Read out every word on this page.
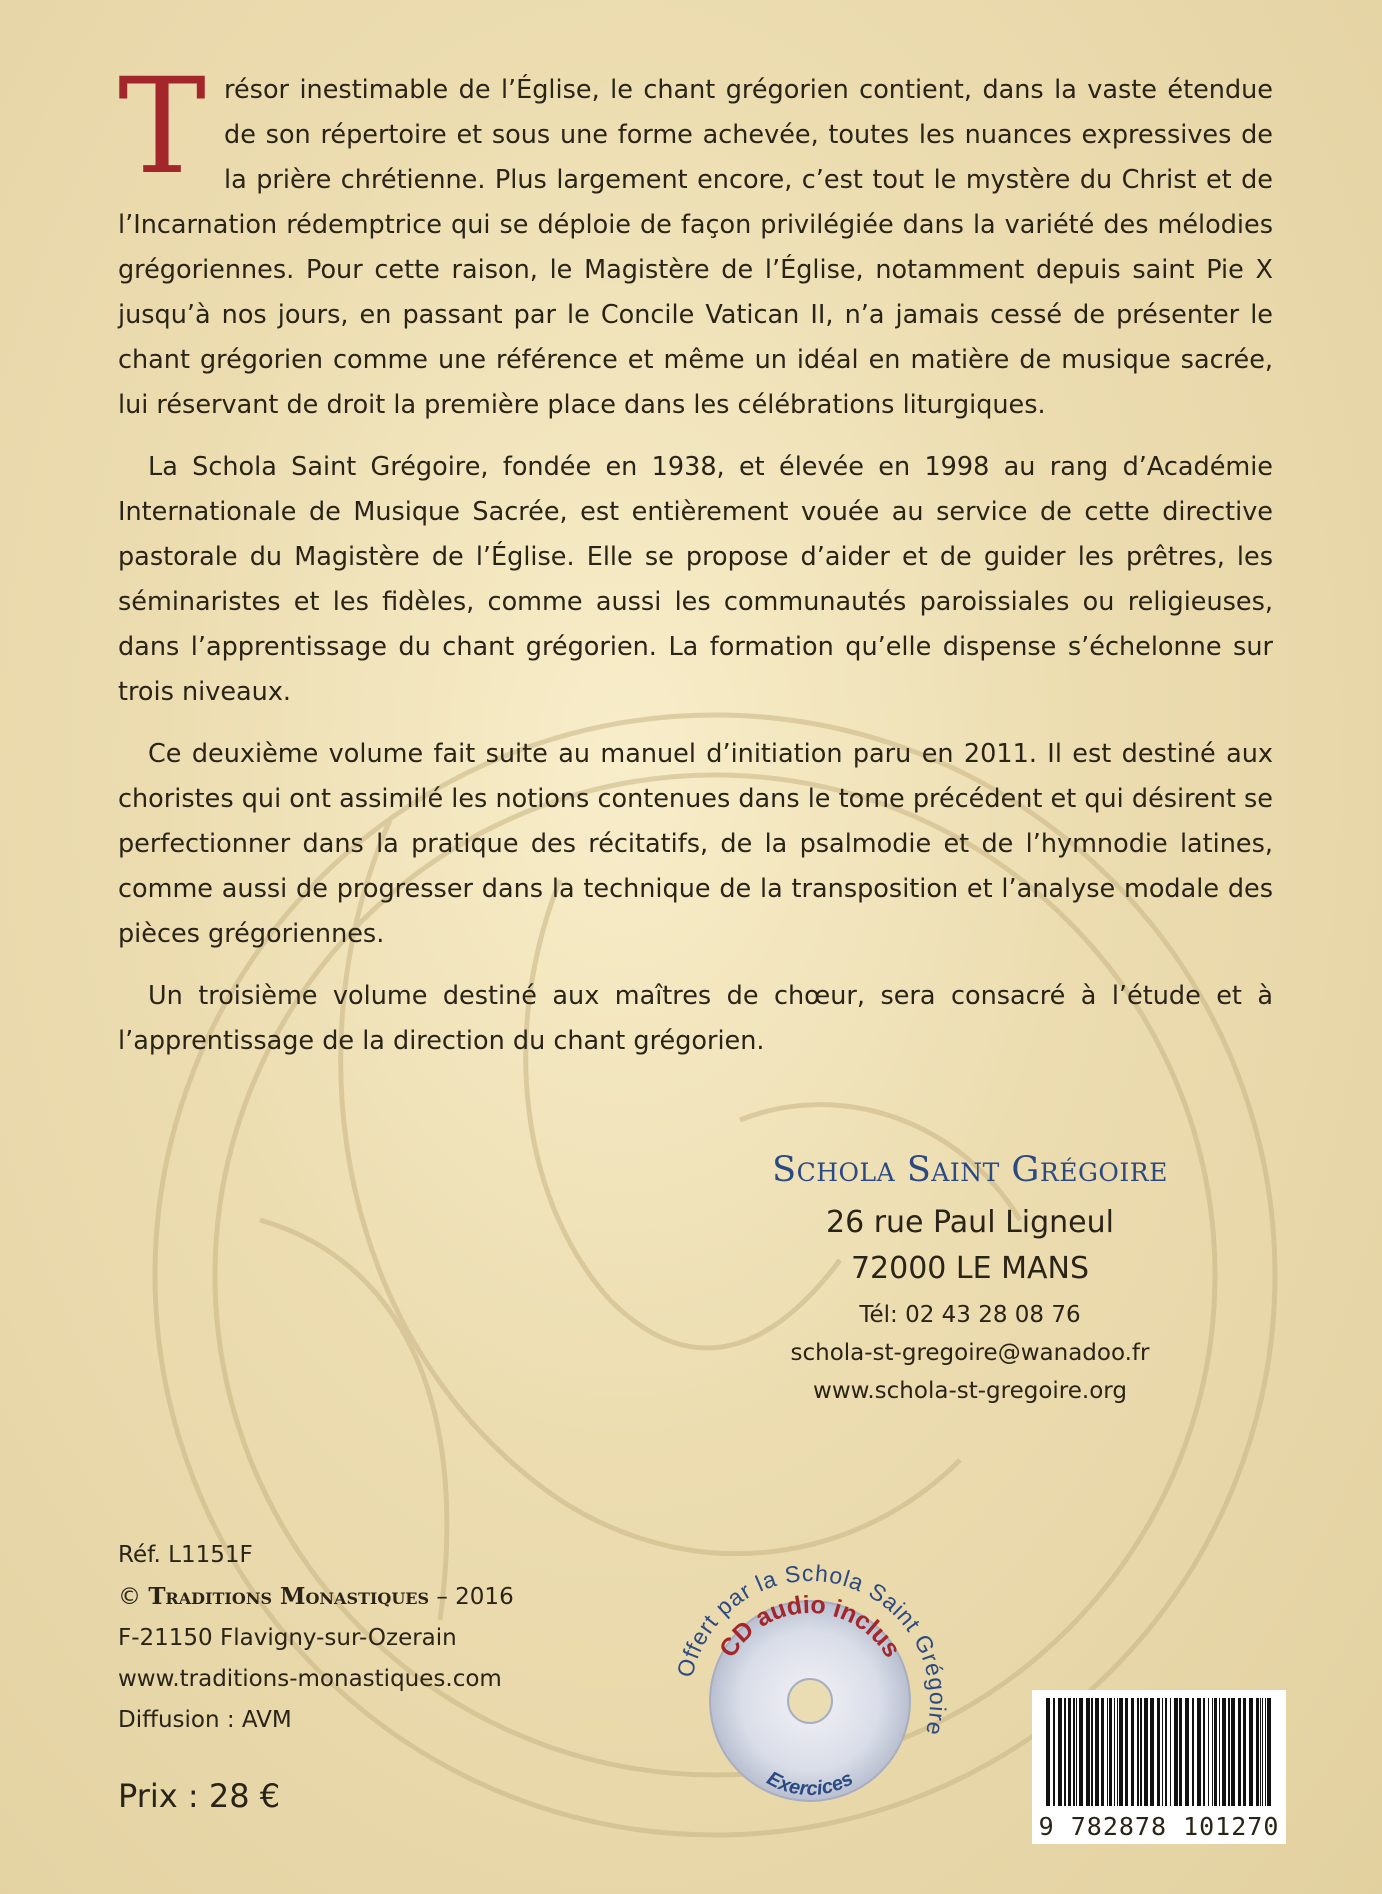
Trésor inestimable de l’Église, le chant grégorien contient, dans la vaste étendue de son répertoire et sous une forme achevée, toutes les nuances expressives de la prière chrétienne. Plus largement encore, c’est tout le mystère du Christ et de l’Incarnation rédemptrice qui se déploie de façon privilégiée dans la variété des mélodies grégoriennes. Pour cette raison, le Magistère de l’Église, notamment depuis saint Pie X jusqu’à nos jours, en passant par le Concile Vatican II, n’a jamais cessé de présenter le chant grégorien comme une référence et même un idéal en matière de musique sacrée, lui réservant de droit la première place dans les célébrations liturgiques.

La Schola Saint Grégoire, fondée en 1938, et élevée en 1998 au rang d’Académie Internationale de Musique Sacrée, est entièrement vouée au service de cette directive pastorale du Magistère de l’Église. Elle se propose d’aider et de guider les prêtres, les séminaristes et les fidèles, comme aussi les communautés paroissiales ou religieuses, dans l’apprentissage du chant grégorien. La formation qu’elle dispense s’échelonne sur trois niveaux.

Ce deuxième volume fait suite au manuel d’initiation paru en 2011. Il est destiné aux choristes qui ont assimilé les notions contenues dans le tome précédent et qui désirent se perfectionner dans la pratique des récitatifs, de la psalmodie et de l’hymnodie latines, comme aussi de progresser dans la technique de la transposition et l’analyse modale des pièces grégoriennes.

Un troisième volume destiné aux maîtres de chœur, sera consacré à l’étude et à l’apprentissage de la direction du chant grégorien.

Schola Saint Grégoire
26 rue Paul Ligneul
72000 LE MANS
Tél: 02 43 28 08 76
schola-st-gregoire@wanadoo.fr
www.schola-st-gregoire.org
Réf. L1151F
© Traditions Monastiques – 2016
F-21150 Flavigny-sur-Ozerain
www.traditions-monastiques.com
Diffusion : AVM
Prix : 28 €
Offert par la Schola Saint Grégoire
CD audio inclus
Exercices
9 782878 101270
